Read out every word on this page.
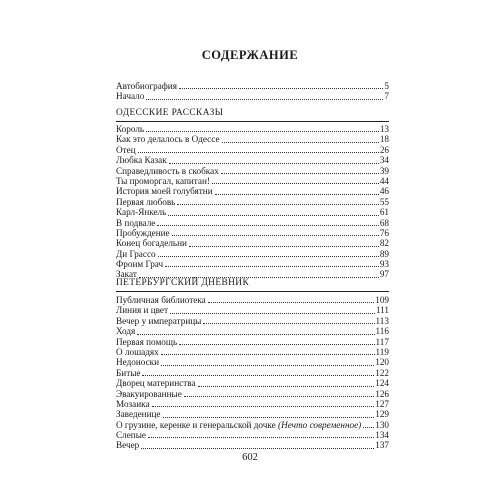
СОДЕРЖАНИЕ
Автобиография	5
Начало	7
ОДЕССКИЕ РАССКАЗЫ
Король	13
Как это делалось в Одессе	18
Отец	26
Любка Казак	34
Справедливость в скобках	39
Ты проморгал, капитан!	44
История моей голубятни	46
Первая любовь	55
Карл-Янкель	61
В подвале	68
Пробуждение	76
Конец богадельни	82
Ди Грассо	89
Фроим Грач	93
Закат	97
ПЕТЕРБУРГСКИЙ ДНЕВНИК
Публичная библиотека	109
Линия и цвет	111
Вечер у императрицы	113
Ходя	116
Первая помощь	117
О лошадях	119
Недоноски	120
Битые	122
Дворец материнства	124
Эвакуированные	126
Мозаика	127
Заведенице	129
О грузине, керенке и генеральской дочке (Нечто современное) 130
Слепые	134
Вечер	137
602
